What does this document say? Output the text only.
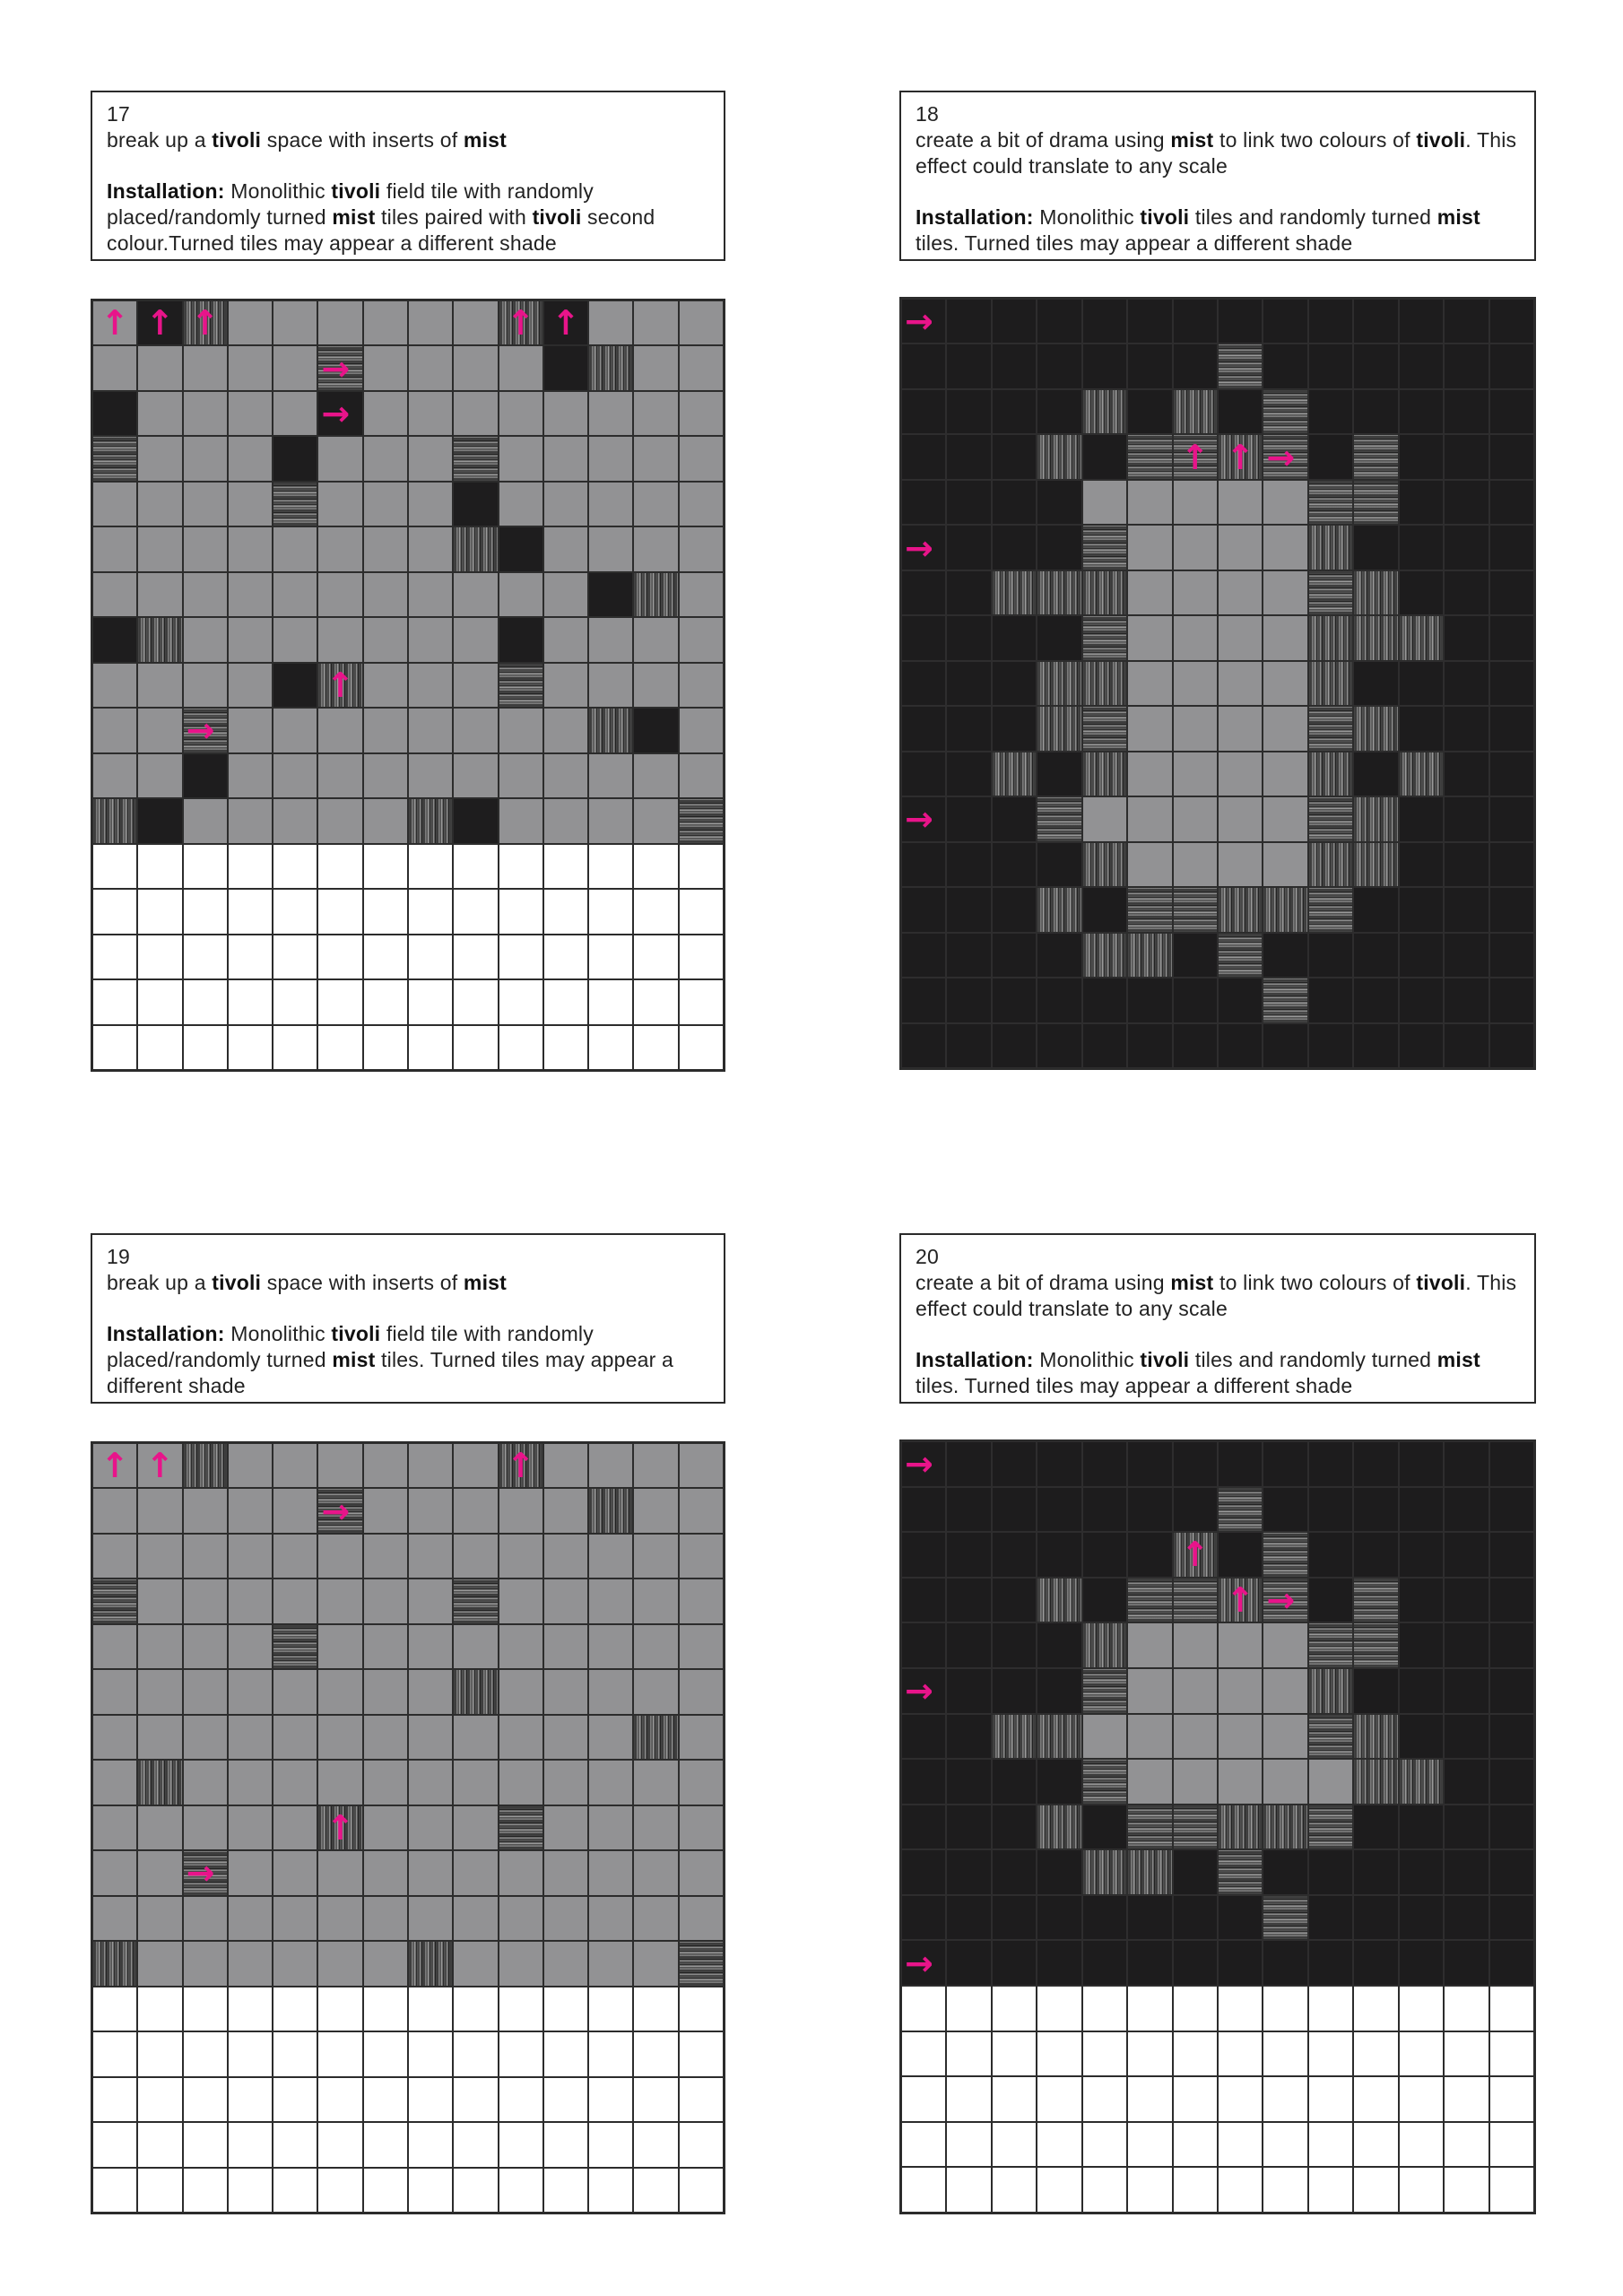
17
break up a tivoli space with inserts of mist
Installation: Monolithic tivoli field tile with randomly placed/randomly turned mist tiles paired with tivoli second colour.Turned tiles may appear a different shade
↑ ↑ ↑	↑ ↑
→
→
↑
→
18
create a bit of drama using mist to link two colours of tivoli. This effect could translate to any scale
Installation: Monolithic tivoli tiles and randomly turned mist tiles. Turned tiles may appear a different shade
→
↑ ↑ →
→
→
19
break up a tivoli space with inserts of mist
Installation: Monolithic tivoli field tile with randomly placed/randomly turned mist tiles. Turned tiles may appear a different shade
↑ ↑	↑
→
↑
→
20
create a bit of drama using mist to link two colours of tivoli. This effect could translate to any scale
Installation: Monolithic tivoli tiles and randomly turned mist tiles. Turned tiles may appear a different shade
→
↑
↑ →
→
→
